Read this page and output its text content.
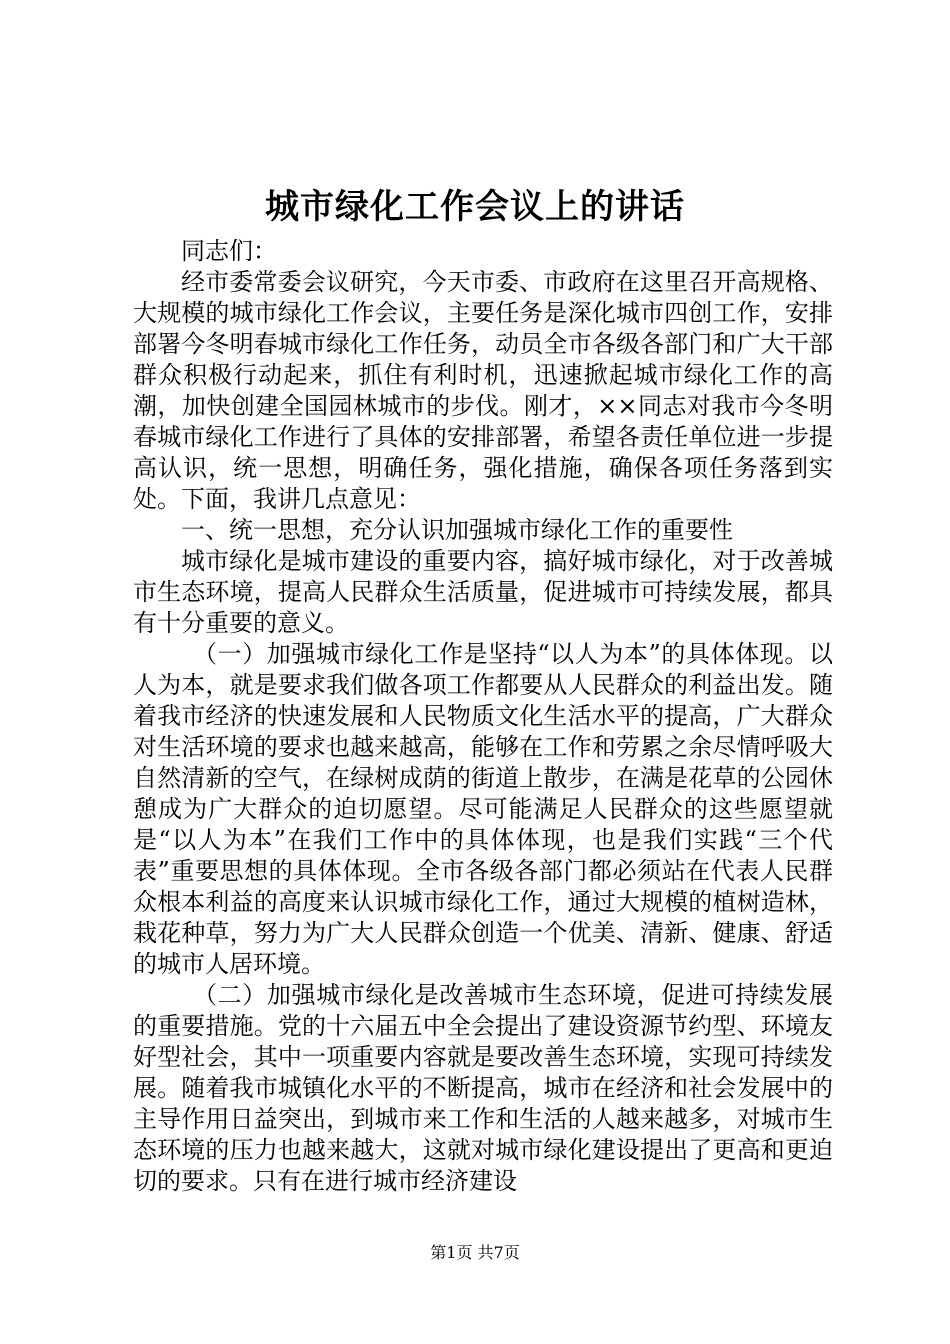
城市绿化工作会议上的讲话

同志们：

经市委常委会议研究，今天市委、市政府在这里召开高规格、大规模的城市绿化工作会议，主要任务是深化城市四创工作，安排部署今冬明春城市绿化工作任务，动员全市各级各部门和广大干部群众积极行动起来，抓住有利时机，迅速掀起城市绿化工作的高潮，加快创建全国园林城市的步伐。刚才，××同志对我市今冬明春城市绿化工作进行了具体的安排部署，希望各责任单位进一步提高认识，统一思想，明确任务，强化措施，确保各项任务落到实处。下面，我讲几点意见：

一、统一思想，充分认识加强城市绿化工作的重要性

城市绿化是城市建设的重要内容，搞好城市绿化，对于改善城市生态环境，提高人民群众生活质量，促进城市可持续发展，都具有十分重要的意义。

（一）加强城市绿化工作是坚持“以人为本”的具体体现。以人为本，就是要求我们做各项工作都要从人民群众的利益出发。随着我市经济的快速发展和人民物质文化生活水平的提高，广大群众对生活环境的要求也越来越高，能够在工作和劳累之余尽情呼吸大自然清新的空气，在绿树成荫的街道上散步，在满是花草的公园休憩成为广大群众的迫切愿望。尽可能满足人民群众的这些愿望就是“以人为本”在我们工作中的具体体现，也是我们实践“三个代表”重要思想的具体体现。全市各级各部门都必须站在代表人民群众根本利益的高度来认识城市绿化工作，通过大规模的植树造林，栽花种草，努力为广大人民群众创造一个优美、清新、健康、舒适的城市人居环境。

（二）加强城市绿化是改善城市生态环境，促进可持续发展的重要措施。党的十六届五中全会提出了建设资源节约型、环境友好型社会，其中一项重要内容就是要改善生态环境，实现可持续发展。随着我市城镇化水平的不断提高，城市在经济和社会发展中的主导作用日益突出，到城市来工作和生活的人越来越多，对城市生态环境的压力也越来越大，这就对城市绿化建设提出了更高和更迫切的要求。只有在进行城市经济建设

第1页 共7页
